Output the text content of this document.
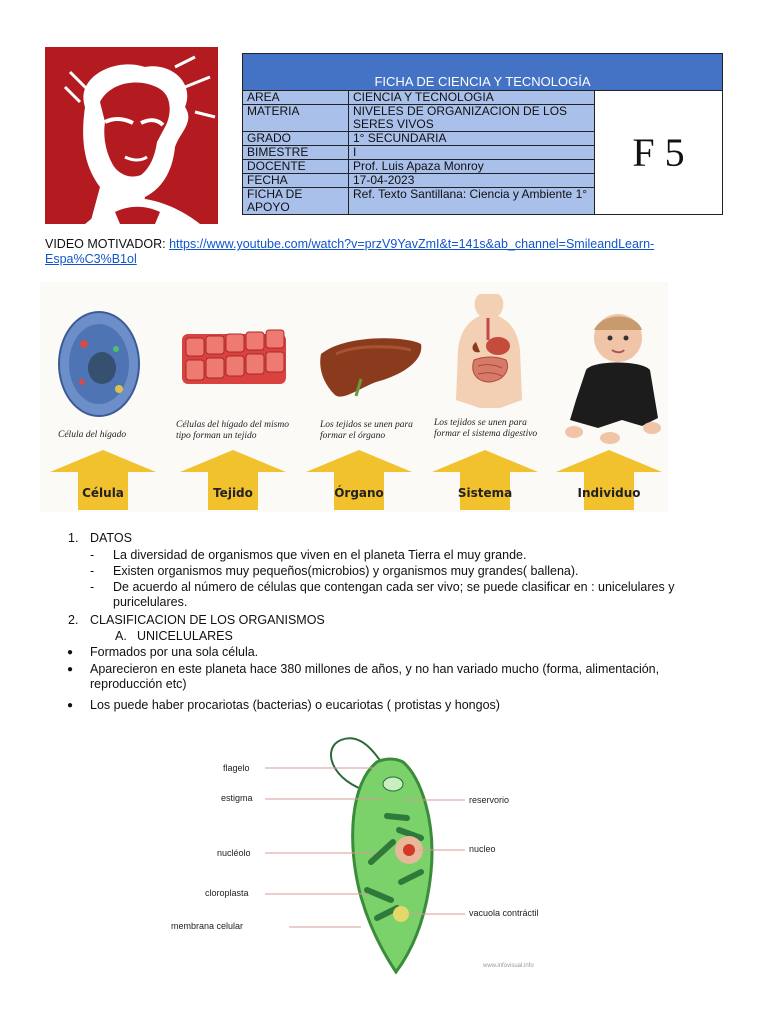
FICHA DE CIENCIA Y TECNOLOGÍA		
AREA	CIENCIA Y TECNOLOGIA	F 5
MATERIA	NIVELES DE ORGANIZACION DE LOS SERES VIVOS	
GRADO	1° SECUNDARIA	
BIMESTRE	I	
DOCENTE	Prof. Luis Apaza Monroy	
FECHA	17-04-2023	
FICHA DE APOYO	Ref. Texto Santillana: Ciencia y Ambiente 1°	
VIDEO MOTIVADOR: https://www.youtube.com/watch?v=przV9YavZmI&t=141s&ab_channel=SmileandLearn-Espa%C3%B1ol
Célula del hígado
Células del hígado del mismo tipo forman un tejido
Los tejidos se unen para formar el órgano
Los tejidos se unen para formar el sistema digestivo
Célula	Tejido	Órgano	Sistema	Individuo
1. DATOS
- La diversidad de organismos que viven en el planeta Tierra el muy grande.
- Existen organismos muy pequeños(microbios) y organismos muy grandes( ballena).
- De acuerdo al número de células que contengan cada ser vivo; se puede clasificar en : unicelulares y puricelulares.
2. CLASIFICACION DE LOS ORGANISMOS
A. UNICELULARES
● Formados por una sola célula.
● Aparecieron en este planeta hace 380 millones de años, y no han variado mucho (forma, alimentación, reproducción etc)
● Los puede haber procariotas (bacterias) o eucariotas ( protistas y hongos)
flagelo
estigma
nucléolo
cloroplasta
membrana celular
reservorio
nucleo
vacuola contráctil
www.infovisual.info
